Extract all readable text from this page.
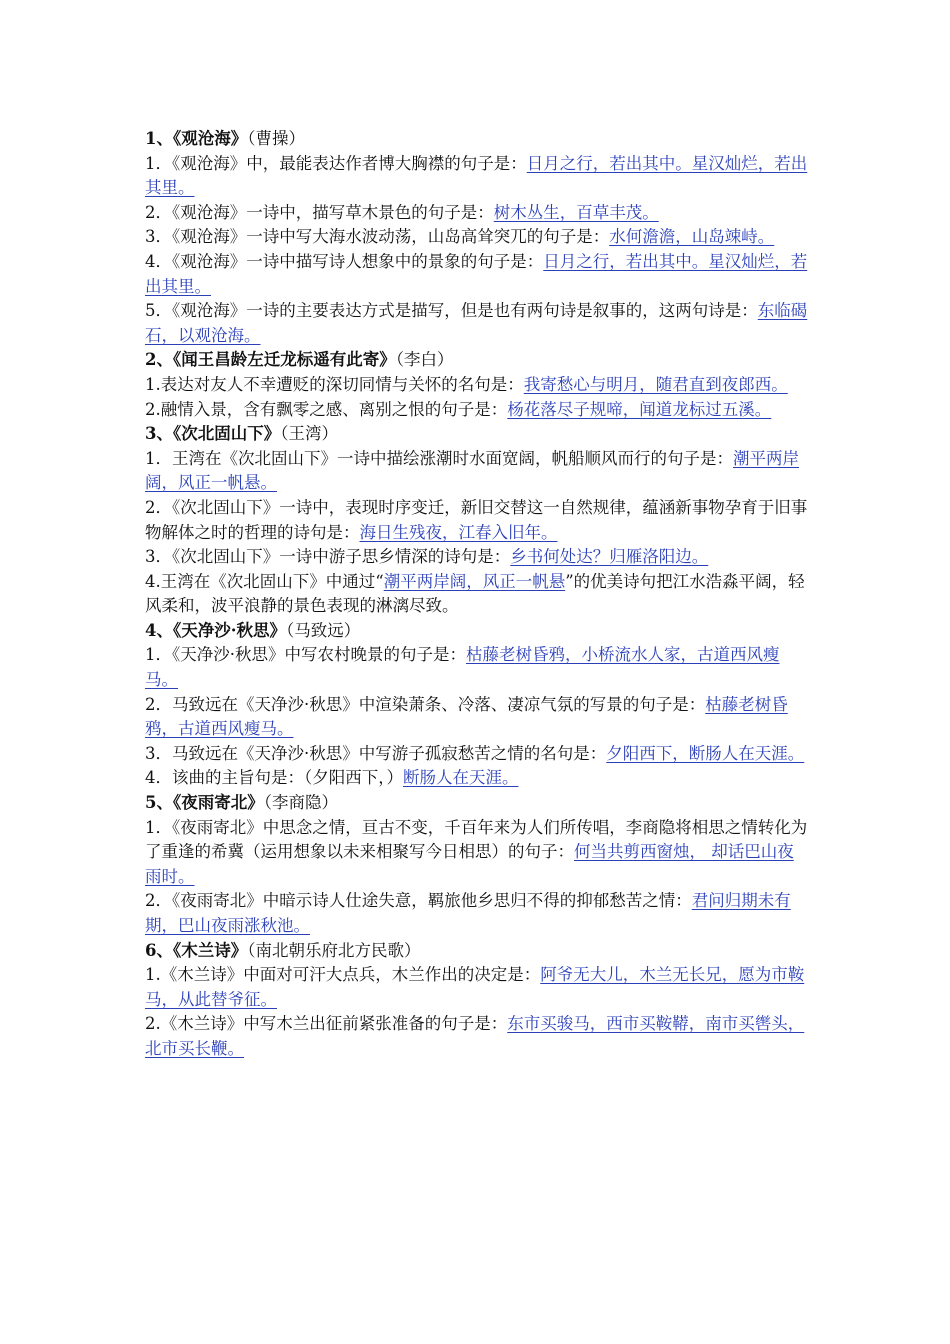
1、《观沧海》（曹操）

1．《观沧海》中，最能表达作者博大胸襟的句子是：日月之行，若出其中。星汉灿烂，若出其里。

2．《观沧海》一诗中，描写草木景色的句子是：树木丛生，百草丰茂。

3．《观沧海》一诗中写大海水波动荡，山岛高耸突兀的句子是：水何澹澹，山岛竦峙。

4．《观沧海》一诗中描写诗人想象中的景象的句子是：日月之行，若出其中。星汉灿烂，若出其里。

5．《观沧海》一诗的主要表达方式是描写，但是也有两句诗是叙事的，这两句诗是：东临碣石，以观沧海。

2、《闻王昌龄左迁龙标遥有此寄》（李白）

1.表达对友人不幸遭贬的深切同情与关怀的名句是：我寄愁心与明月，随君直到夜郎西。

2.融情入景，含有飘零之感、离别之恨的句子是：杨花落尽子规啼，闻道龙标过五溪。

3、《次北固山下》（王湾）

1．王湾在《次北固山下》一诗中描绘涨潮时水面宽阔，帆船顺风而行的句子是：潮平两岸阔，风正一帆悬。

2．《次北固山下》一诗中，表现时序变迁，新旧交替这一自然规律，蕴涵新事物孕育于旧事物解体之时的哲理的诗句是：海日生残夜，江春入旧年。

3．《次北固山下》一诗中游子思乡情深的诗句是：乡书何处达？归雁洛阳边。

4.王湾在《次北固山下》中通过“潮平两岸阔，风正一帆悬”的优美诗句把江水浩淼平阔，轻风柔和，波平浪静的景色表现的淋漓尽致。

4、《天净沙·秋思》（马致远）

1．《天净沙·秋思》中写农村晚景的句子是：枯藤老树昏鸦，小桥流水人家，古道西风瘦马。

2．马致远在《天净沙·秋思》中渲染萧条、冷落、凄凉气氛的写景的句子是：枯藤老树昏鸦，古道西风瘦马。

3．马致远在《天净沙·秋思》中写游子孤寂愁苦之情的名句是：夕阳西下，断肠人在天涯。

4．该曲的主旨句是：（夕阳西下，）断肠人在天涯。

5、《夜雨寄北》（李商隐）

1．《夜雨寄北》中思念之情，亘古不变，千百年来为人们所传唱，李商隐将相思之情转化为了重逢的希冀（运用想象以未来相聚写今日相思）的句子：何当共剪西窗烛， 却话巴山夜雨时。

2．《夜雨寄北》中暗示诗人仕途失意，羁旅他乡思归不得的抑郁愁苦之情：君问归期未有期，巴山夜雨涨秋池。

6、《木兰诗》（南北朝乐府北方民歌）

1.《木兰诗》中面对可汗大点兵，木兰作出的决定是：阿爷无大儿，木兰无长兄，愿为市鞍马，从此替爷征。

2.《木兰诗》中写木兰出征前紧张准备的句子是：东市买骏马，西市买鞍鞯，南市买辔头，北市买长鞭。
